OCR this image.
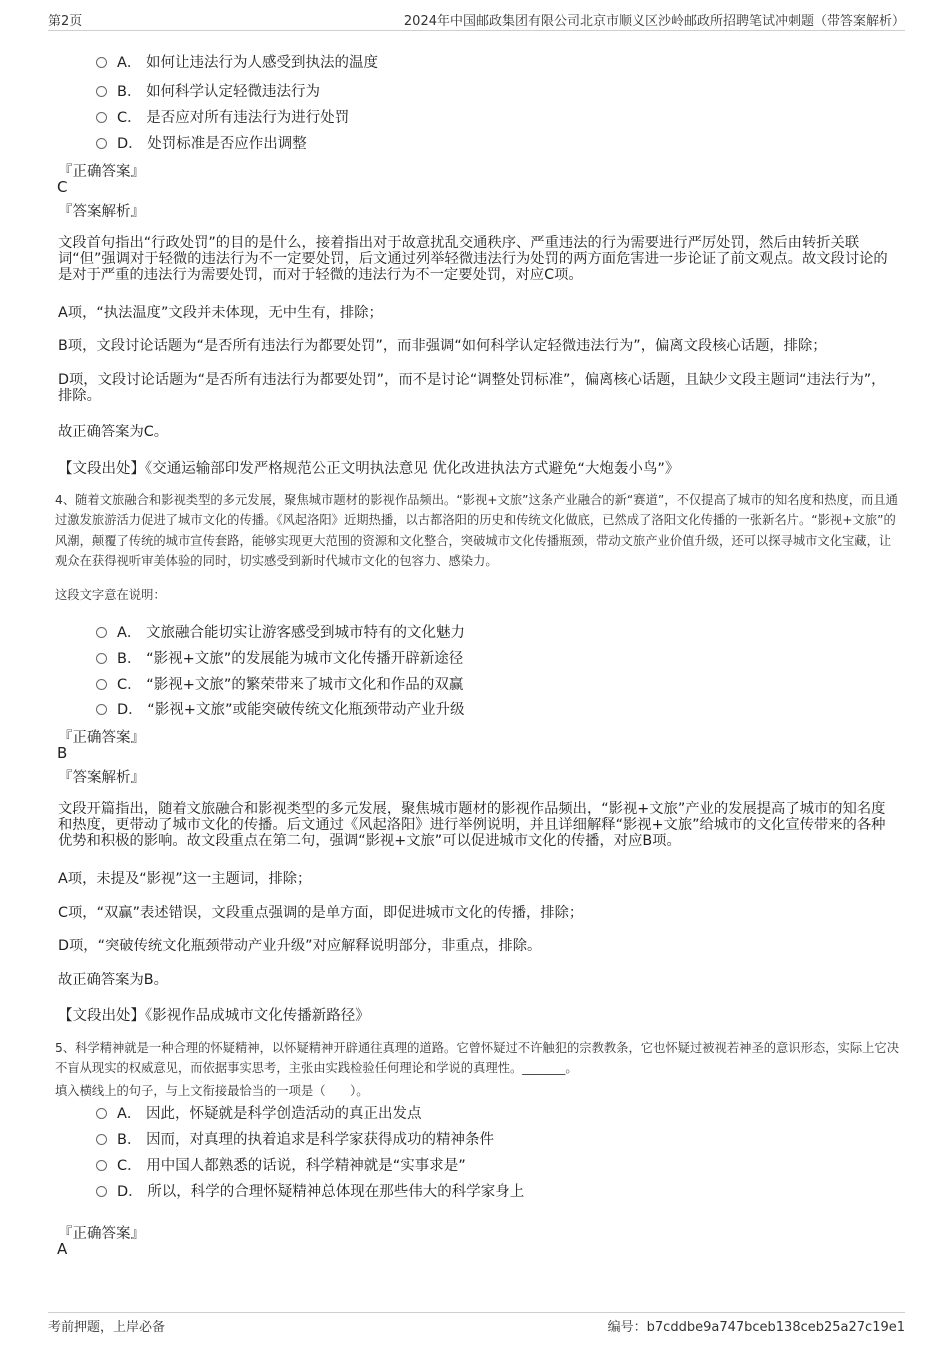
第2页	2024年中国邮政集团有限公司北京市顺义区沙岭邮政所招聘笔试冲刺题（带答案解析）
A． 如何让违法行为人感受到执法的温度
B． 如何科学认定轻微违法行为
C． 是否应对所有违法行为进行处罚
D． 处罚标准是否应作出调整
『正确答案』
C
『答案解析』
文段首句指出“行政处罚”的目的是什么，接着指出对于故意扰乱交通秩序、严重违法的行为需要进行严厉处罚，然后由转折关联词“但”强调对于轻微的违法行为不一定要处罚，后文通过列举轻微违法行为处罚的两方面危害进一步论证了前文观点。故文段讨论的是对于严重的违法行为需要处罚，而对于轻微的违法行为不一定要处罚，对应C项。
A项，“执法温度”文段并未体现，无中生有，排除；
B项，文段讨论话题为“是否所有违法行为都要处罚”，而非强调“如何科学认定轻微违法行为”，偏离文段核心话题，排除；
D项，文段讨论话题为“是否所有违法行为都要处罚”，而不是讨论“调整处罚标准”，偏离核心话题，且缺少文段主题词“违法行为”，排除。
故正确答案为C。
【文段出处】《交通运输部印发严格规范公正文明执法意见 优化改进执法方式避免“大炮轰小鸟”》
4、随着文旅融合和影视类型的多元发展，聚焦城市题材的影视作品频出。“影视+文旅”这条产业融合的新“赛道”，不仅提高了城市的知名度和热度，而且通过激发旅游活力促进了城市文化的传播。《风起洛阳》近期热播，以古都洛阳的历史和传统文化做底，已然成了洛阳文化传播的一张新名片。“影视+文旅”的风潮，颠覆了传统的城市宣传套路，能够实现更大范围的资源和文化整合，突破城市文化传播瓶颈，带动文旅产业价值升级，还可以探寻城市文化宝藏，让观众在获得视听审美体验的同时，切实感受到新时代城市文化的包容力、感染力。
这段文字意在说明：
A． 文旅融合能切实让游客感受到城市特有的文化魅力
B． “影视+文旅”的发展能为城市文化传播开辟新途径
C． “影视+文旅”的繁荣带来了城市文化和作品的双赢
D． “影视+文旅”或能突破传统文化瓶颈带动产业升级
『正确答案』
B
『答案解析』
文段开篇指出，随着文旅融合和影视类型的多元发展，聚焦城市题材的影视作品频出，“影视+文旅”产业的发展提高了城市的知名度和热度，更带动了城市文化的传播。后文通过《风起洛阳》进行举例说明，并且详细解释“影视+文旅”给城市的文化宣传带来的各种优势和积极的影响。故文段重点在第二句，强调“影视+文旅”可以促进城市文化的传播，对应B项。
A项，未提及“影视”这一主题词，排除；
C项，“双赢”表述错误，文段重点强调的是单方面，即促进城市文化的传播，排除；
D项，“突破传统文化瓶颈带动产业升级”对应解释说明部分，非重点，排除。
故正确答案为B。
【文段出处】《影视作品成城市文化传播新路径》
5、科学精神就是一种合理的怀疑精神，以怀疑精神开辟通往真理的道路。它曾怀疑过不许触犯的宗教教条，它也怀疑过被视若神圣的意识形态，实际上它决不盲从现实的权威意见，而依据事实思考，主张由实践检验任何理论和学说的真理性。_______。
填入横线上的句子，与上文衔接最恰当的一项是（　　）。
A． 因此，怀疑就是科学创造活动的真正出发点
B． 因而，对真理的执着追求是科学家获得成功的精神条件
C． 用中国人都熟悉的话说，科学精神就是“实事求是”
D． 所以，科学的合理怀疑精神总体现在那些伟大的科学家身上
『正确答案』
A
考前押题，上岸必备	编号：b7cddbe9a747bceb138ceb25a27c19e1
